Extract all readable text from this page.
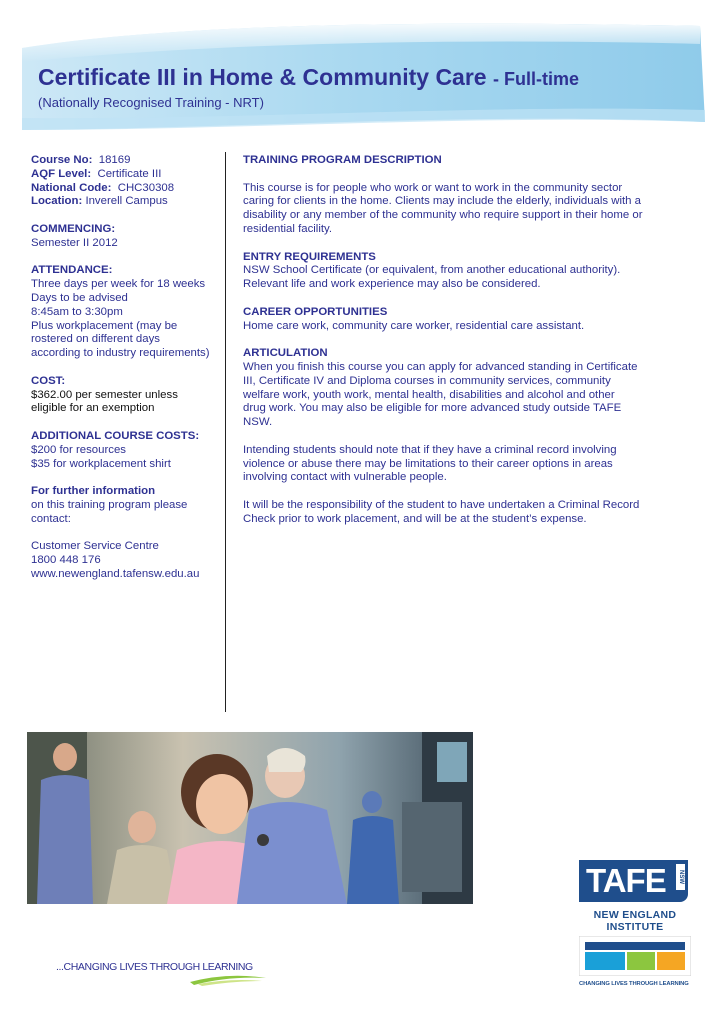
Certificate III in Home & Community Care - Full-time
(Nationally Recognised Training - NRT)
Course No: 18169
AQF Level: Certificate III
National Code: CHC30308
Location: Inverell Campus
COMMENCING:
Semester II 2012
ATTENDANCE:
Three days per week for 18 weeks
Days to be advised
8:45am to 3:30pm
Plus workplacement (may be
rostered on different days
according to industry requirements)
COST:
$362.00 per semester unless
eligible for an exemption
ADDITIONAL COURSE COSTS:
$200 for resources
$35 for workplacement shirt
For further information
on this training program please
contact:
Customer Service Centre
1800 448 176
www.newengland.tafensw.edu.au
TRAINING PROGRAM DESCRIPTION
This course is for people who work or want to work in the community sector
caring for clients in the home. Clients may include the elderly, individuals with a
disability or any member of the community who require support in their home or
residential facility.
ENTRY REQUIREMENTS
NSW School Certificate (or equivalent, from another educational authority).
Relevant life and work experience may also be considered.
CAREER OPPORTUNITIES
Home care work, community care worker, residential care assistant.
ARTICULATION
When you finish this course you can apply for advanced standing in Certificate
III, Certificate IV and Diploma courses in community services, community
welfare work, youth work, mental health, disabilities and alcohol and other
drug work. You may also be eligible for more advanced study outside TAFE
NSW.
Intending students should note that if they have a criminal record involving
violence or abuse there may be limitations to their career options in areas
involving contact with vulnerable people.
It will be the responsibility of the student to have undertaken a Criminal Record
Check prior to work placement, and will be at the student’s expense.
...CHANGING LIVES THROUGH LEARNING
TAFE	NSW
NEW ENGLAND
INSTITUTE
CHANGING LIVES THROUGH LEARNING
